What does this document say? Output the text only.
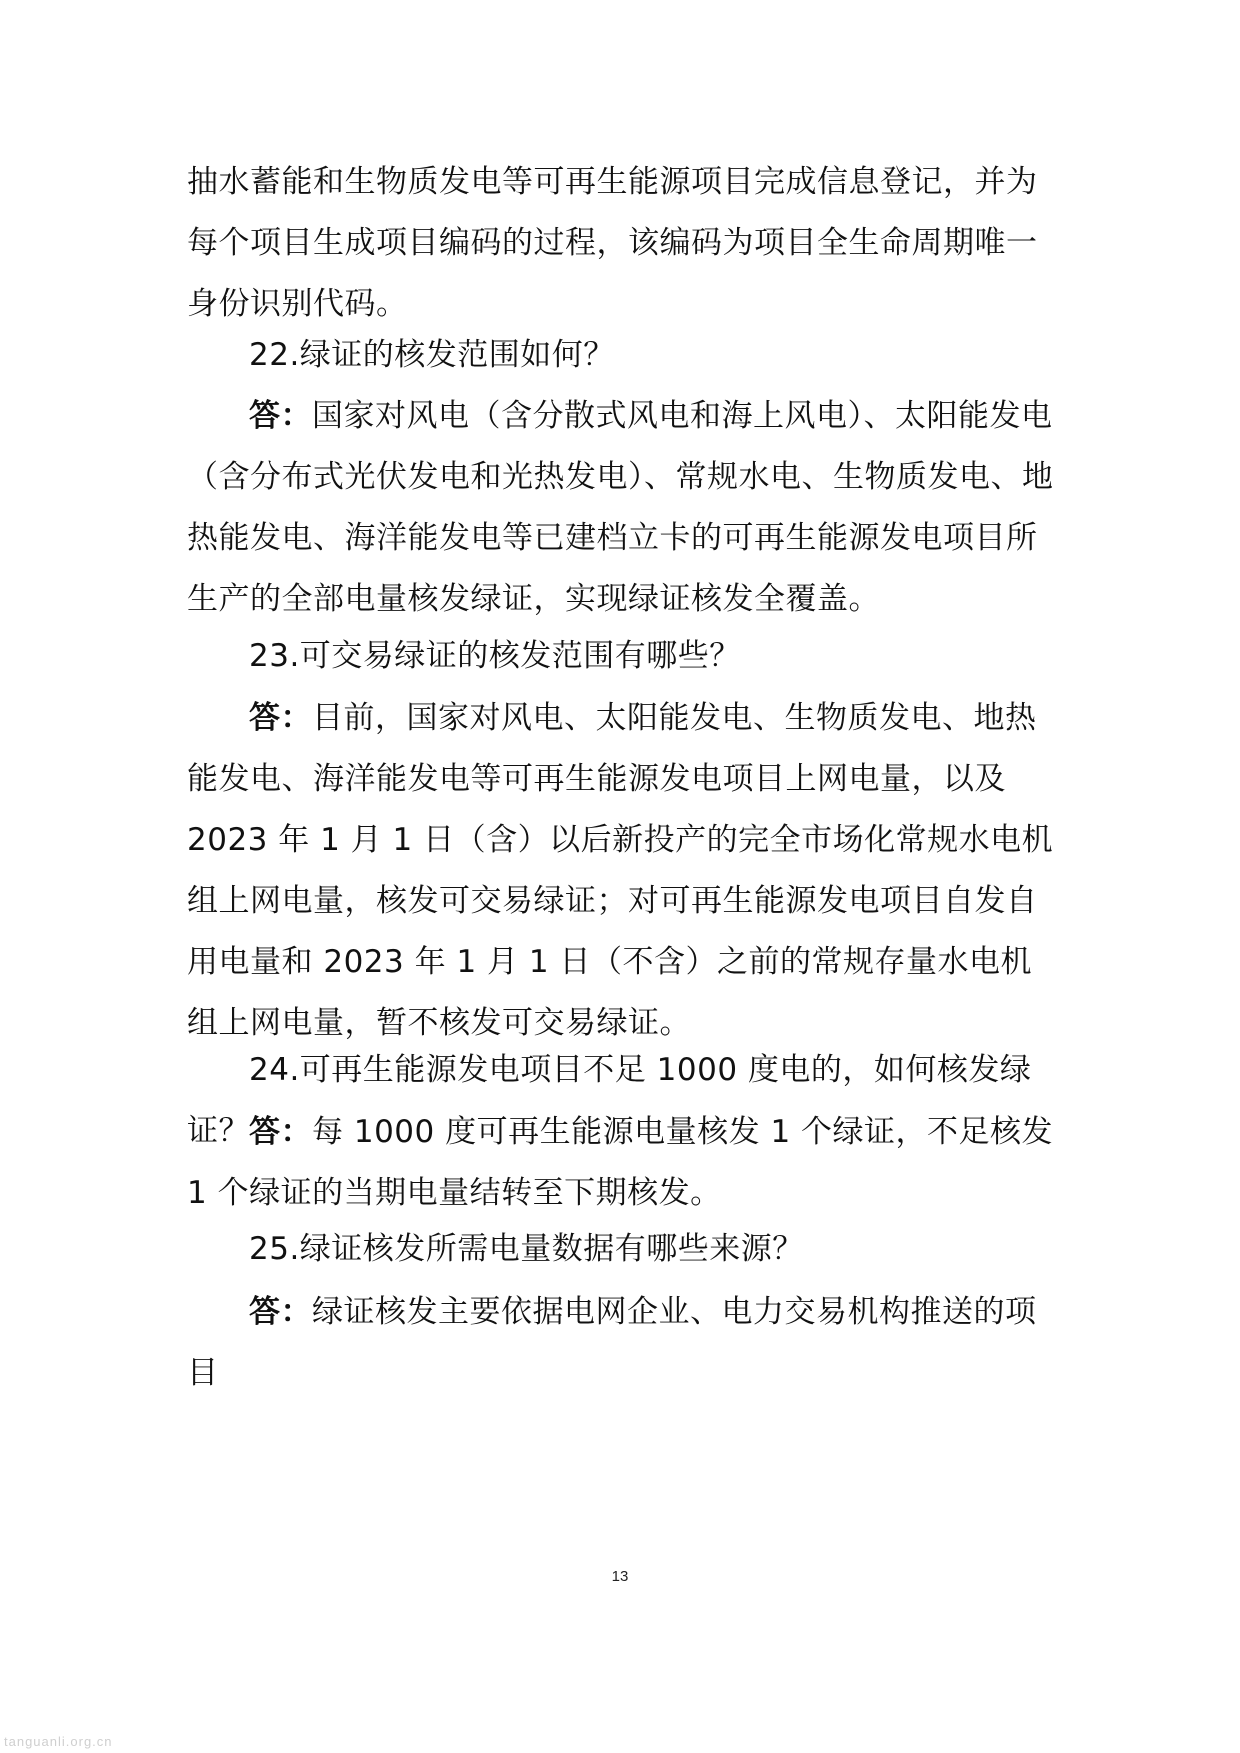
抽水蓄能和生物质发电等可再生能源项目完成信息登记，并为每个项目生成项目编码的过程，该编码为项目全生命周期唯一身份识别代码。

22.绿证的核发范围如何？

答：国家对风电（含分散式风电和海上风电）、太阳能发电（含分布式光伏发电和光热发电）、常规水电、生物质发电、地热能发电、海洋能发电等已建档立卡的可再生能源发电项目所生产的全部电量核发绿证，实现绿证核发全覆盖。

23.可交易绿证的核发范围有哪些？

答：目前，国家对风电、太阳能发电、生物质发电、地热能发电、海洋能发电等可再生能源发电项目上网电量，以及 2023 年 1 月 1 日（含）以后新投产的完全市场化常规水电机组上网电量，核发可交易绿证；对可再生能源发电项目自发自用电量和 2023 年 1 月 1 日（不含）之前的常规存量水电机组上网电量，暂不核发可交易绿证。

24.可再生能源发电项目不足 1000 度电的，如何核发绿证？ 答：每 1000 度可再生能源电量核发 1 个绿证，不足核发 1 个绿证的当期电量结转至下期核发。

25.绿证核发所需电量数据有哪些来源？

答：绿证核发主要依据电网企业、电力交易机构推送的项目

13
tanguanli.org.cn
